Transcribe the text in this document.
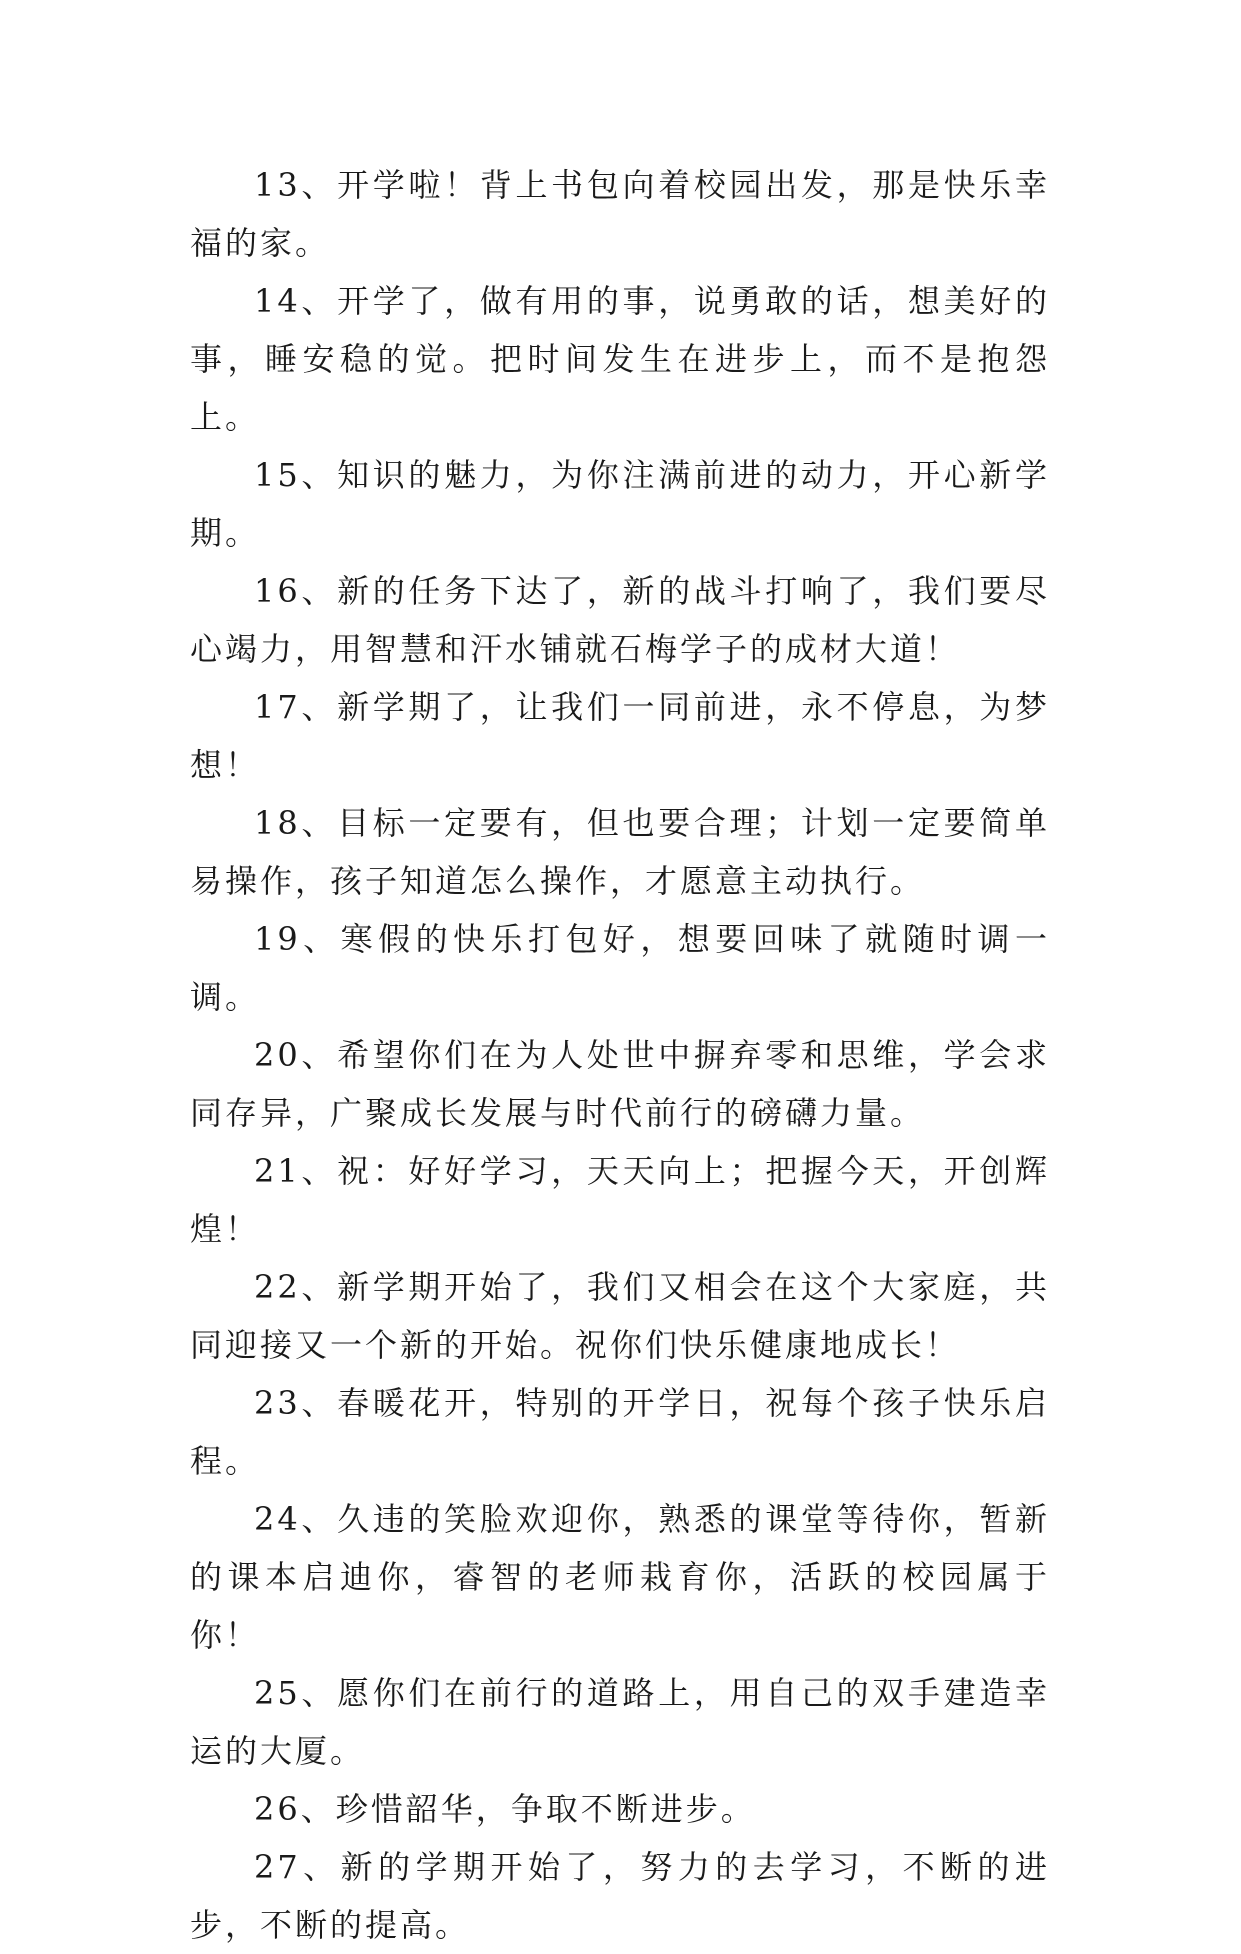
13、开学啦！背上书包向着校园出发，那是快乐幸福的家。

14、开学了，做有用的事，说勇敢的话，想美好的事，睡安稳的觉。把时间发生在进步上，而不是抱怨上。

15、知识的魅力，为你注满前进的动力，开心新学期。

16、新的任务下达了，新的战斗打响了，我们要尽心竭力，用智慧和汗水铺就石梅学子的成材大道！

17、新学期了，让我们一同前进，永不停息，为梦想！

18、目标一定要有，但也要合理；计划一定要简单易操作，孩子知道怎么操作，才愿意主动执行。

19、寒假的快乐打包好，想要回味了就随时调一调。

20、希望你们在为人处世中摒弃零和思维，学会求同存异，广聚成长发展与时代前行的磅礴力量。

21、祝：好好学习，天天向上；把握今天，开创辉煌！

22、新学期开始了，我们又相会在这个大家庭，共同迎接又一个新的开始。祝你们快乐健康地成长！

23、春暖花开，特别的开学日，祝每个孩子快乐启程。

24、久违的笑脸欢迎你，熟悉的课堂等待你，暂新的课本启迪你，睿智的老师栽育你，活跃的校园属于你！

25、愿你们在前行的道路上，用自己的双手建造幸运的大厦。

26、珍惜韶华，争取不断进步。

27、新的学期开始了，努力的去学习，不断的进步，不断的提高。
